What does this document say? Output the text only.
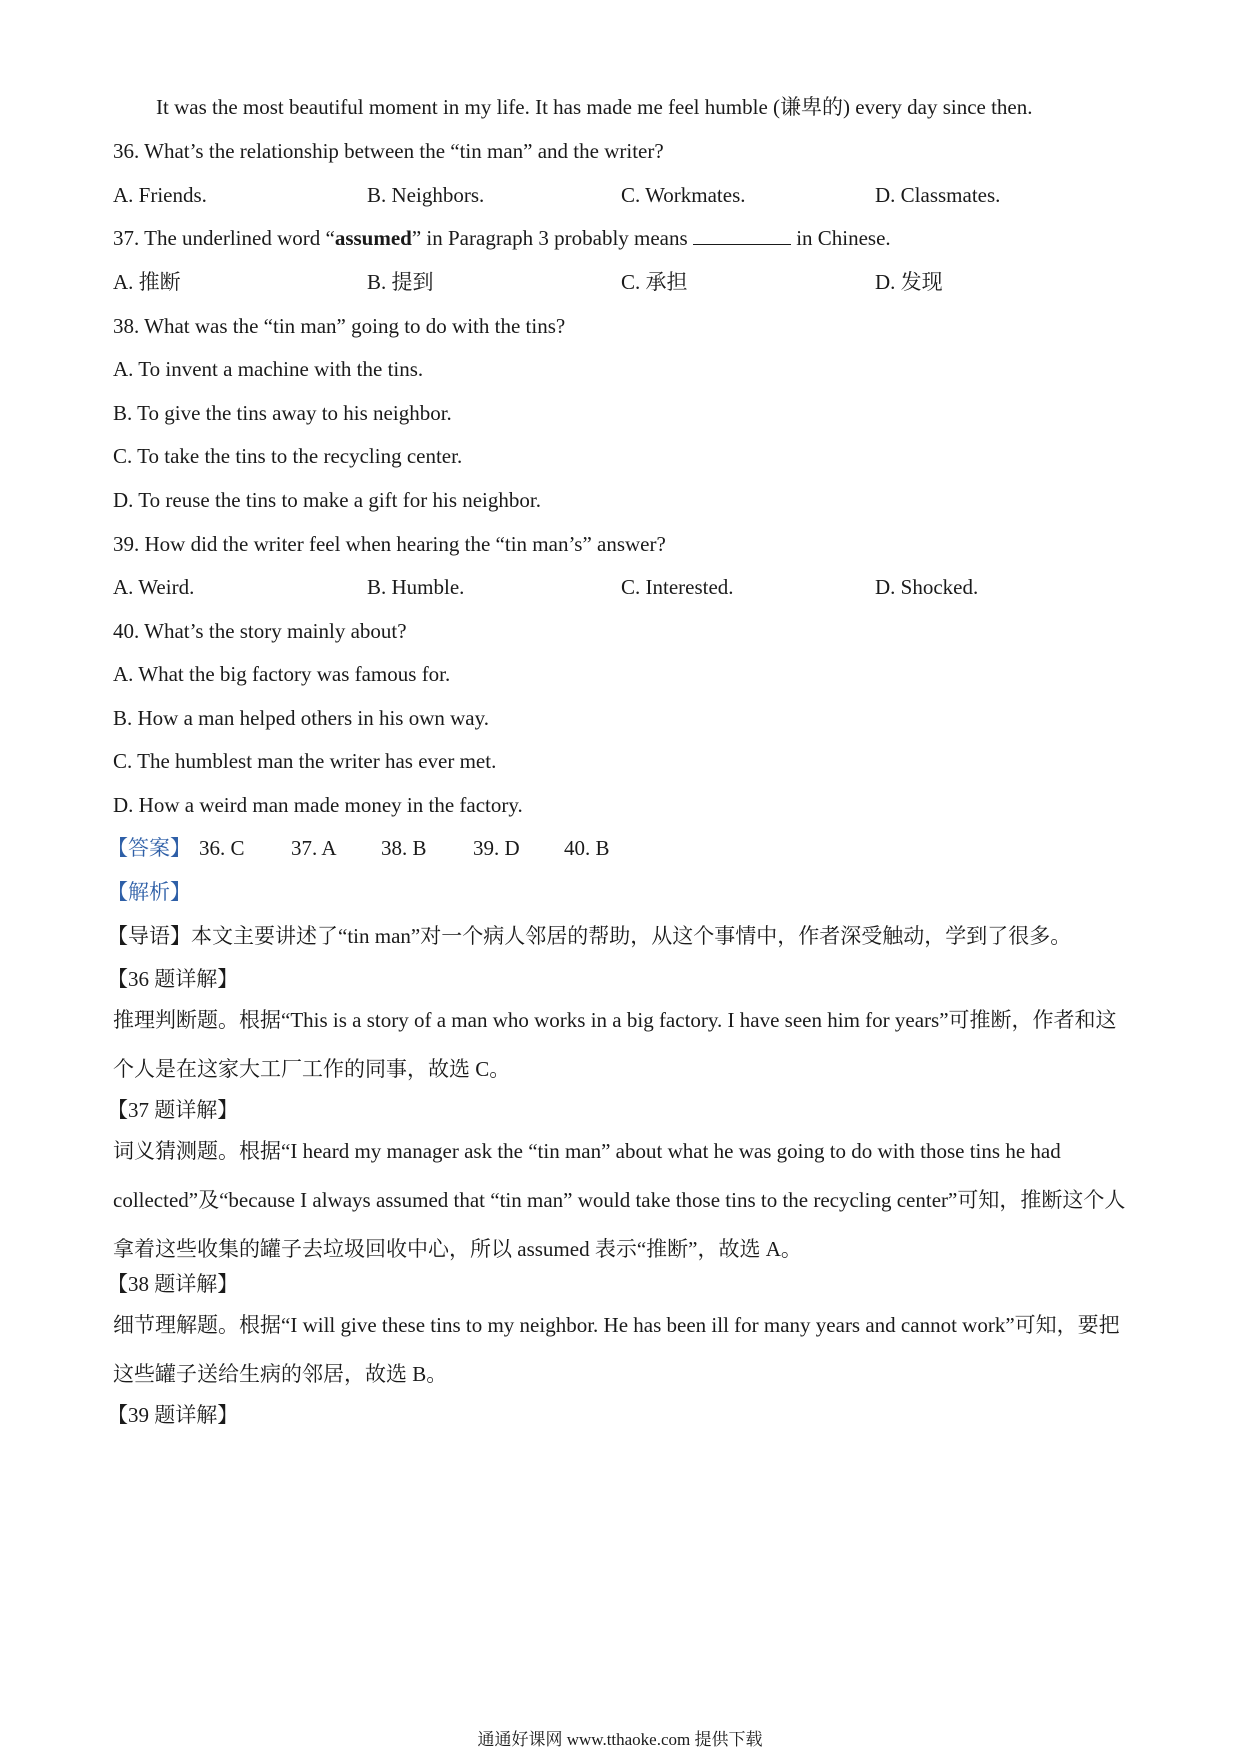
It was the most beautiful moment in my life. It has made me feel humble (谦卑的) every day since then.
36. What’s the relationship between the “tin man” and the writer?
A. Friends.	B. Neighbors.	C. Workmates.	D. Classmates.
37. The underlined word “assumed” in Paragraph 3 probably means	in Chinese.
A. 推断	B. 提到	C. 承担	D. 发现
38. What was the “tin man” going to do with the tins?
A. To invent a machine with the tins.
B. To give the tins away to his neighbor.
C. To take the tins to the recycling center.
D. To reuse the tins to make a gift for his neighbor.
39. How did the writer feel when hearing the “tin man’s” answer?
A. Weird.	B. Humble.	C. Interested.	D. Shocked.
40. What’s the story mainly about?
A. What the big factory was famous for.
B. How a man helped others in his own way.
C. The humblest man the writer has ever met.
D. How a weird man made money in the factory.
【答案】 36. C 37. A 38. B 39. D 40. B
【解析】
【导语】本文主要讲述了“tin man”对一个病人邻居的帮助，从这个事情中，作者深受触动，学到了很多。
【36 题详解】
推理判断题。根据“This is a story of a man who works in a big factory. I have seen him for years”可推断，作者和这个人是在这家大工厂工作的同事，故选 C。
【37 题详解】
词义猜测题。根据“I heard my manager ask the “tin man” about what he was going to do with those tins he had collected”及“because I always assumed that “tin man” would take those tins to the recycling center”可知，推断这个人拿着这些收集的罐子去垃圾回收中心，所以 assumed 表示“推断”，故选 A。
【38 题详解】
细节理解题。根据“I will give these tins to my neighbor. He has been ill for many years and cannot work”可知，要把这些罐子送给生病的邻居，故选 B。
【39 题详解】
通通好课网 www.tthaoke.com 提供下载
